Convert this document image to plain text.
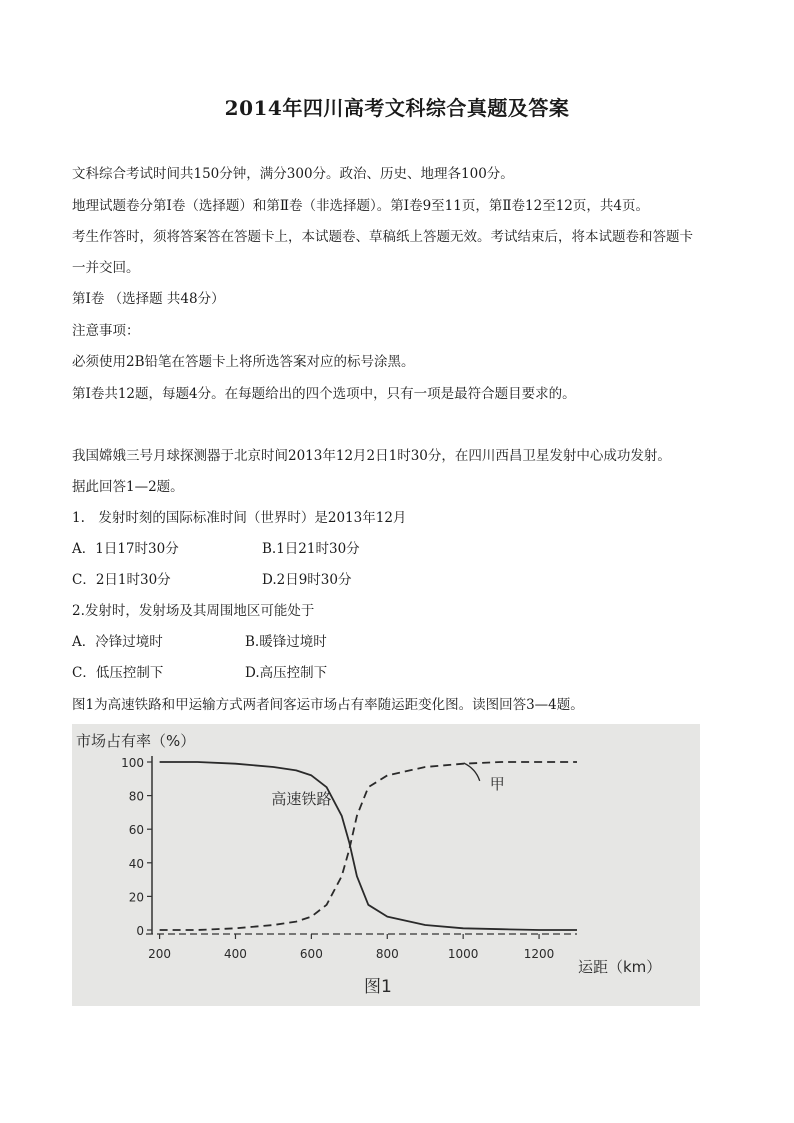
2014年四川高考文科综合真题及答案
文科综合考试时间共150分钟，满分300分。政治、历史、地理各100分。
地理试题卷分第Ⅰ卷（选择题）和第Ⅱ卷（非选择题）。第Ⅰ卷9至11页，第Ⅱ卷12至12页，共4页。
考生作答时，须将答案答在答题卡上，本试题卷、草稿纸上答题无效。考试结束后，将本试题卷和答题卡
一并交回。
第Ⅰ卷 （选择题 共48分）
注意事项：
必须使用2B铅笔在答题卡上将所选答案对应的标号涂黑。
第Ⅰ卷共12题，每题4分。在每题给出的四个选项中，只有一项是最符合题目要求的。
我国嫦娥三号月球探测器于北京时间2013年12月2日1时30分，在四川西昌卫星发射中心成功发射。
据此回答1—2题。
1.　发射时刻的国际标准时间（世界时）是2013年12月
A．1日17时30分	B.1日21时30分
C．2日1时30分	D.2日9时30分
2.发射时，发射场及其周围地区可能处于
A．冷锋过境时	B.暖锋过境时
C．低压控制下	D.高压控制下
图1为高速铁路和甲运输方式两者间客运市场占有率随运距变化图。读图回答3—4题。
市场占有率（%）
运距（km）
图1
0
20
40
60
80
100
200	400	600	800	1000	1200
高速铁路
甲
